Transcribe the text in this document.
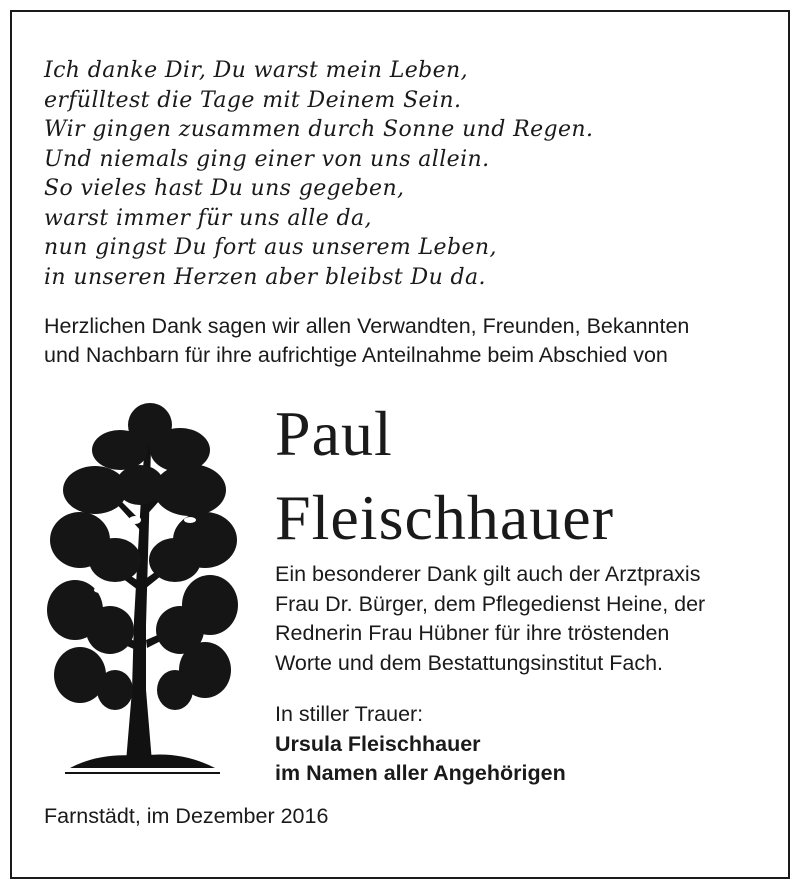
Ich danke Dir, Du warst mein Leben,
erfülltest die Tage mit Deinem Sein.
Wir gingen zusammen durch Sonne und Regen.
Und niemals ging einer von uns allein.
So vieles hast Du uns gegeben,
warst immer für uns alle da,
nun gingst Du fort aus unserem Leben,
in unseren Herzen aber bleibst Du da.
Herzlichen Dank sagen wir allen Verwandten, Freunden, Bekannten
und Nachbarn für ihre aufrichtige Anteilnahme beim Abschied von
Paul
Fleischhauer
Ein besonderer Dank gilt auch der Arztpraxis
Frau Dr. Bürger, dem Pflegedienst Heine, der
Rednerin Frau Hübner für ihre tröstenden
Worte und dem Bestattungsinstitut Fach.
In stiller Trauer:
Ursula Fleischhauer
im Namen aller Angehörigen
Farnstädt, im Dezember 2016
